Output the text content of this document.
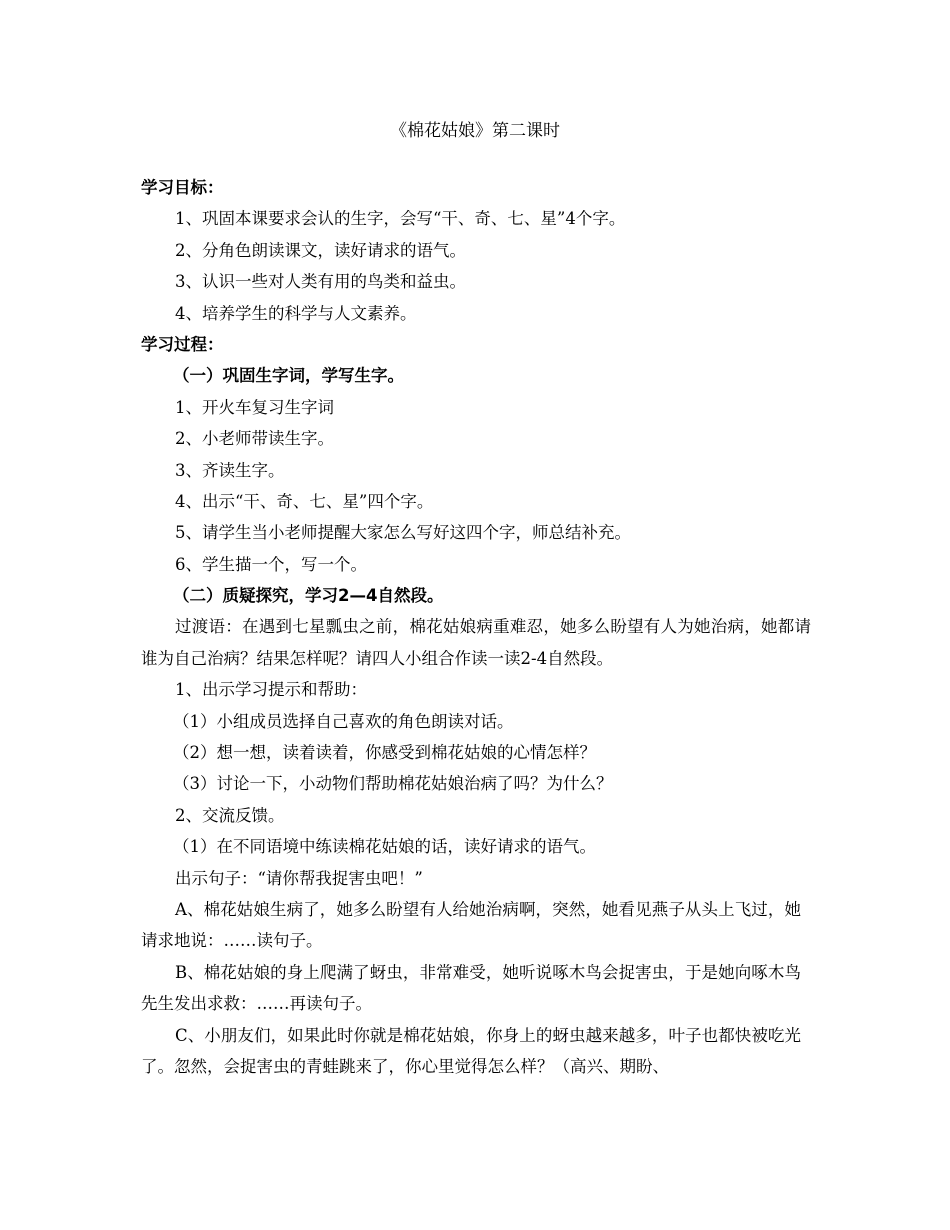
《棉花姑娘》第二课时
学习目标：
1、巩固本课要求会认的生字，会写“干、奇、七、星”4个字。
2、分角色朗读课文，读好请求的语气。
3、认识一些对人类有用的鸟类和益虫。
4、培养学生的科学与人文素养。
学习过程：
（一）巩固生字词，学写生字。
1、开火车复习生字词
2、小老师带读生字。
3、齐读生字。
4、出示“干、奇、七、星”四个字。
5、请学生当小老师提醒大家怎么写好这四个字，师总结补充。
6、学生描一个，写一个。
（二）质疑探究，学习2—4自然段。
过渡语：在遇到七星瓢虫之前，棉花姑娘病重难忍，她多么盼望有人为她治病，她都请谁为自己治病？结果怎样呢？请四人小组合作读一读2-4自然段。
1、出示学习提示和帮助：
（1）小组成员选择自己喜欢的角色朗读对话。
（2）想一想，读着读着，你感受到棉花姑娘的心情怎样？
（3）讨论一下，小动物们帮助棉花姑娘治病了吗？为什么？
2、交流反馈。
（1）在不同语境中练读棉花姑娘的话，读好请求的语气。
出示句子：“请你帮我捉害虫吧！”
A、棉花姑娘生病了，她多么盼望有人给她治病啊，突然，她看见燕子从头上飞过，她请求地说：……读句子。
B、棉花姑娘的身上爬满了蚜虫，非常难受，她听说啄木鸟会捉害虫，于是她向啄木鸟先生发出求救：……再读句子。
C、小朋友们，如果此时你就是棉花姑娘，你身上的蚜虫越来越多，叶子也都快被吃光了。忽然，会捉害虫的青蛙跳来了，你心里觉得怎么样？（高兴、期盼、
